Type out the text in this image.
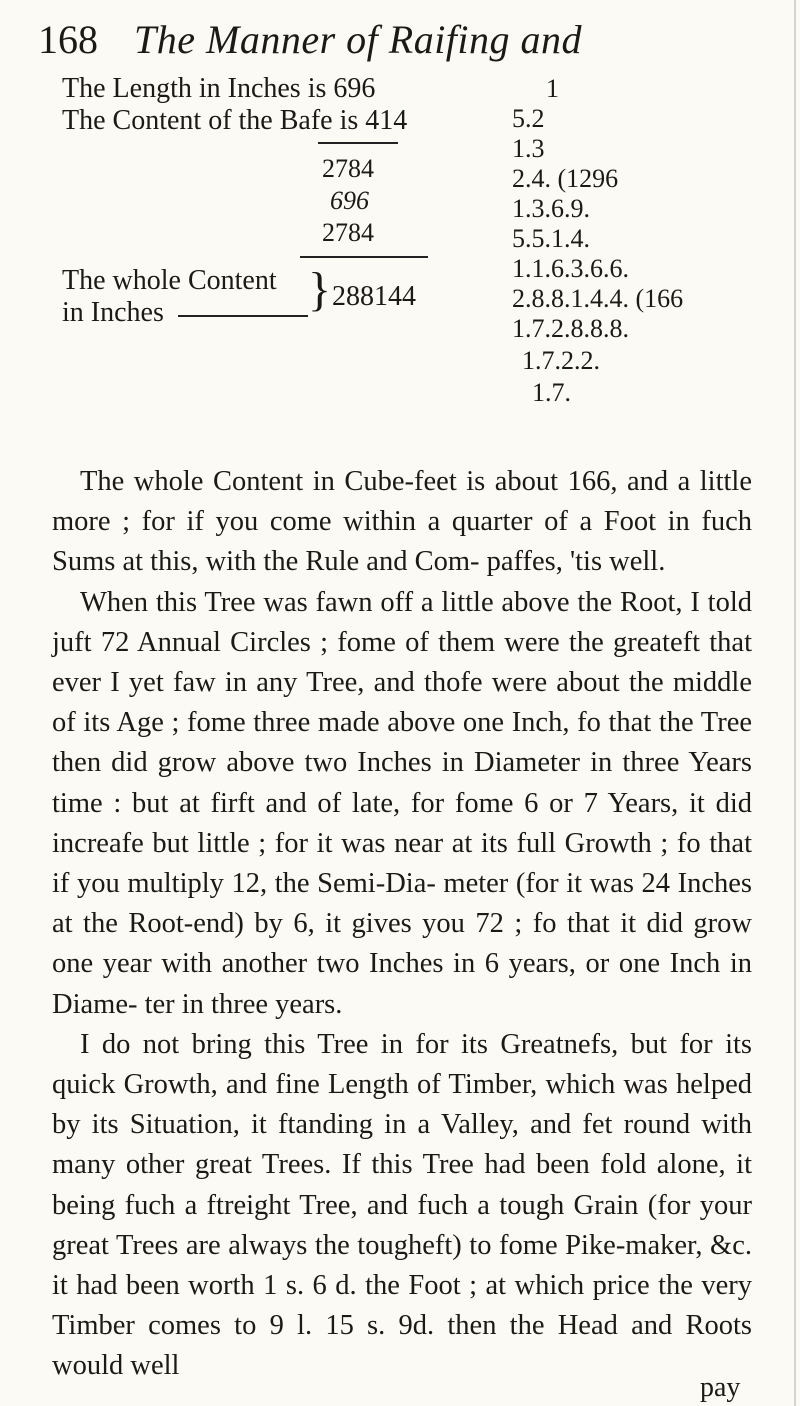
168 The Manner of Raifing and
The Length in Inches is 696
The Content of the Bafe is 414
2784
696
2784
The whole Content
in Inches	} 288144
1
5.2
1.3
2.4. (1296
1.3.6.9.
5.5.1.4.
1.1.6.3.6.6.
2.8.8.1.4.4. (166
1.7.2.8.8.8.
1.7.2.2.
1.7.

The whole Content in Cube-feet is about 166, and a little more ; for if you come within a quarter of a Foot in fuch Sums at this, with the Rule and Com- paffes, 'tis well.

When this Tree was fawn off a little above the Root, I told juft 72 Annual Circles ; fome of them were the greateft that ever I yet faw in any Tree, and thofe were about the middle of its Age ; fome three made above one Inch, fo that the Tree then did grow above two Inches in Diameter in three Years time : but at firft and of late, for fome 6 or 7 Years, it did increafe but little ; for it was near at its full Growth ; fo that if you multiply 12, the Semi-Dia- meter (for it was 24 Inches at the Root-end) by 6, it gives you 72 ; fo that it did grow one year with another two Inches in 6 years, or one Inch in Diame- ter in three years.

I do not bring this Tree in for its Greatnefs, but for its quick Growth, and fine Length of Timber, which was helped by its Situation, it ftanding in a Valley, and fet round with many other great Trees. If this Tree had been fold alone, it being fuch a ftreight Tree, and fuch a tough Grain (for your great Trees are always the tougheft) to fome Pike-maker, &c. it had been worth 1 s. 6 d. the Foot ; at which price the very Timber comes to 9 l. 15 s. 9d. then the Head and Roots would well

pay
